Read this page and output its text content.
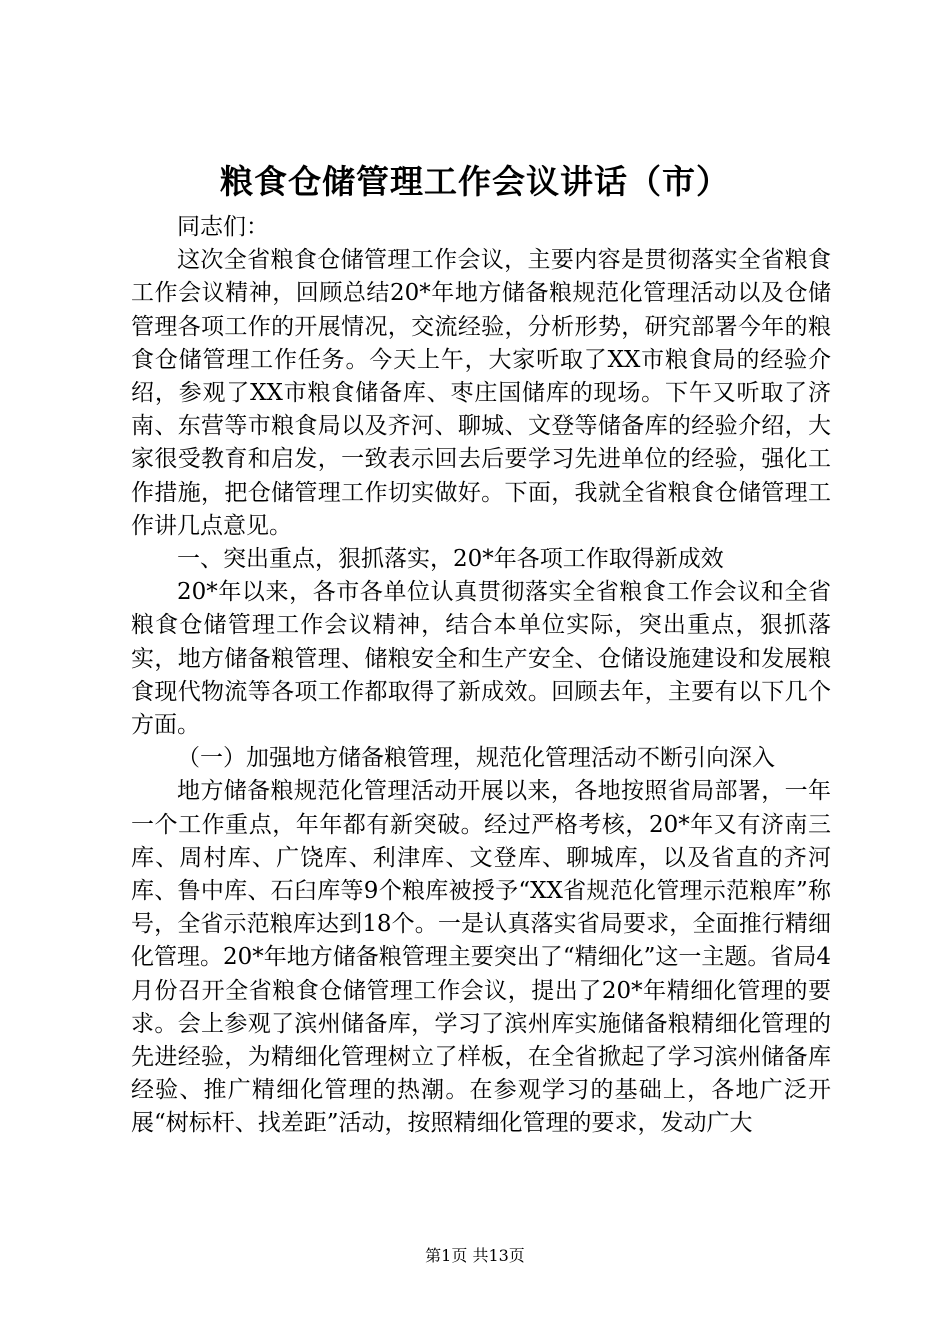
粮食仓储管理工作会议讲话（市）

同志们：

这次全省粮食仓储管理工作会议，主要内容是贯彻落实全省粮食工作会议精神，回顾总结20*年地方储备粮规范化管理活动以及仓储管理各项工作的开展情况，交流经验，分析形势，研究部署今年的粮食仓储管理工作任务。今天上午，大家听取了XX市粮食局的经验介绍，参观了XX市粮食储备库、枣庄国储库的现场。下午又听取了济南、东营等市粮食局以及齐河、聊城、文登等储备库的经验介绍，大家很受教育和启发，一致表示回去后要学习先进单位的经验，强化工作措施，把仓储管理工作切实做好。下面，我就全省粮食仓储管理工作讲几点意见。

一、突出重点，狠抓落实，20*年各项工作取得新成效

20*年以来，各市各单位认真贯彻落实全省粮食工作会议和全省粮食仓储管理工作会议精神，结合本单位实际，突出重点，狠抓落实，地方储备粮管理、储粮安全和生产安全、仓储设施建设和发展粮食现代物流等各项工作都取得了新成效。回顾去年，主要有以下几个方面。

（一）加强地方储备粮管理，规范化管理活动不断引向深入

地方储备粮规范化管理活动开展以来，各地按照省局部署，一年一个工作重点，年年都有新突破。经过严格考核，20*年又有济南三库、周村库、广饶库、利津库、文登库、聊城库，以及省直的齐河库、鲁中库、石臼库等9个粮库被授予“XX省规范化管理示范粮库”称号，全省示范粮库达到18个。一是认真落实省局要求，全面推行精细化管理。20*年地方储备粮管理主要突出了“精细化”这一主题。省局4月份召开全省粮食仓储管理工作会议，提出了20*年精细化管理的要求。会上参观了滨州储备库，学习了滨州库实施储备粮精细化管理的先进经验，为精细化管理树立了样板，在全省掀起了学习滨州储备库经验、推广精细化管理的热潮。在参观学习的基础上，各地广泛开展“树标杆、找差距”活动，按照精细化管理的要求，发动广大

第1页 共13页
